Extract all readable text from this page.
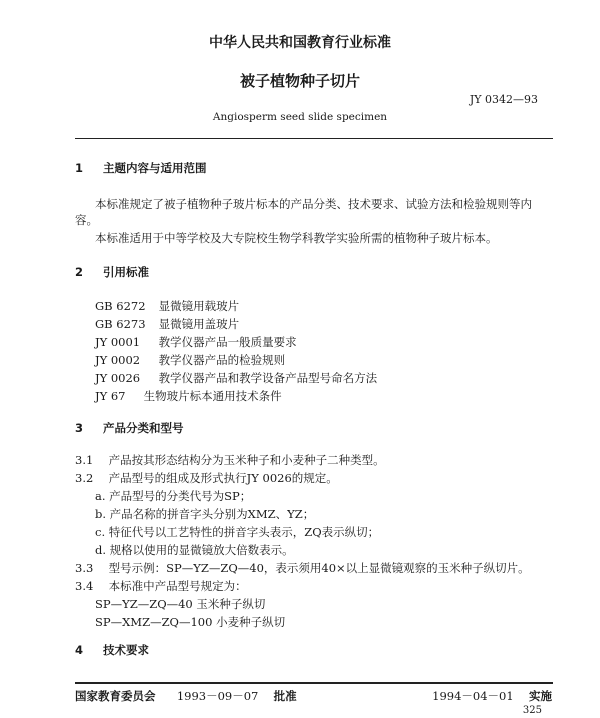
中华人民共和国教育行业标准
被子植物种子切片
JY 0342—93
Angiosperm seed slide specimen
1 主题内容与适用范围
本标准规定了被子植物种子玻片标本的产品分类、技术要求、试验方法和检验规则等内
容。
本标准适用于中等学校及大专院校生物学科教学实验所需的植物种子玻片标本。
2 引用标准
GB 6272 显微镜用载玻片
GB 6273 显微镜用盖玻片
JY 0001 教学仪器产品一般质量要求
JY 0002 教学仪器产品的检验规则
JY 0026 教学仪器产品和教学设备产品型号命名方法
JY 67 生物玻片标本通用技术条件
3 产品分类和型号
3.1 产品按其形态结构分为玉米种子和小麦种子二种类型。
3.2 产品型号的组成及形式执行JY 0026的规定。
a. 产品型号的分类代号为SP；
b. 产品名称的拼音字头分别为XMZ、YZ；
c. 特征代号以工艺特性的拼音字头表示，ZQ表示纵切；
d. 规格以使用的显微镜放大倍数表示。
3.3 型号示例：SP—YZ—ZQ—40，表示须用40×以上显微镜观察的玉米种子纵切片。
3.4 本标准中产品型号规定为：
SP—YZ—ZQ—40 玉米种子纵切
SP—XMZ—ZQ—100 小麦种子纵切
4 技术要求
国家教育委员会 1993－09－07 批准	1994－04－01 实施
325
